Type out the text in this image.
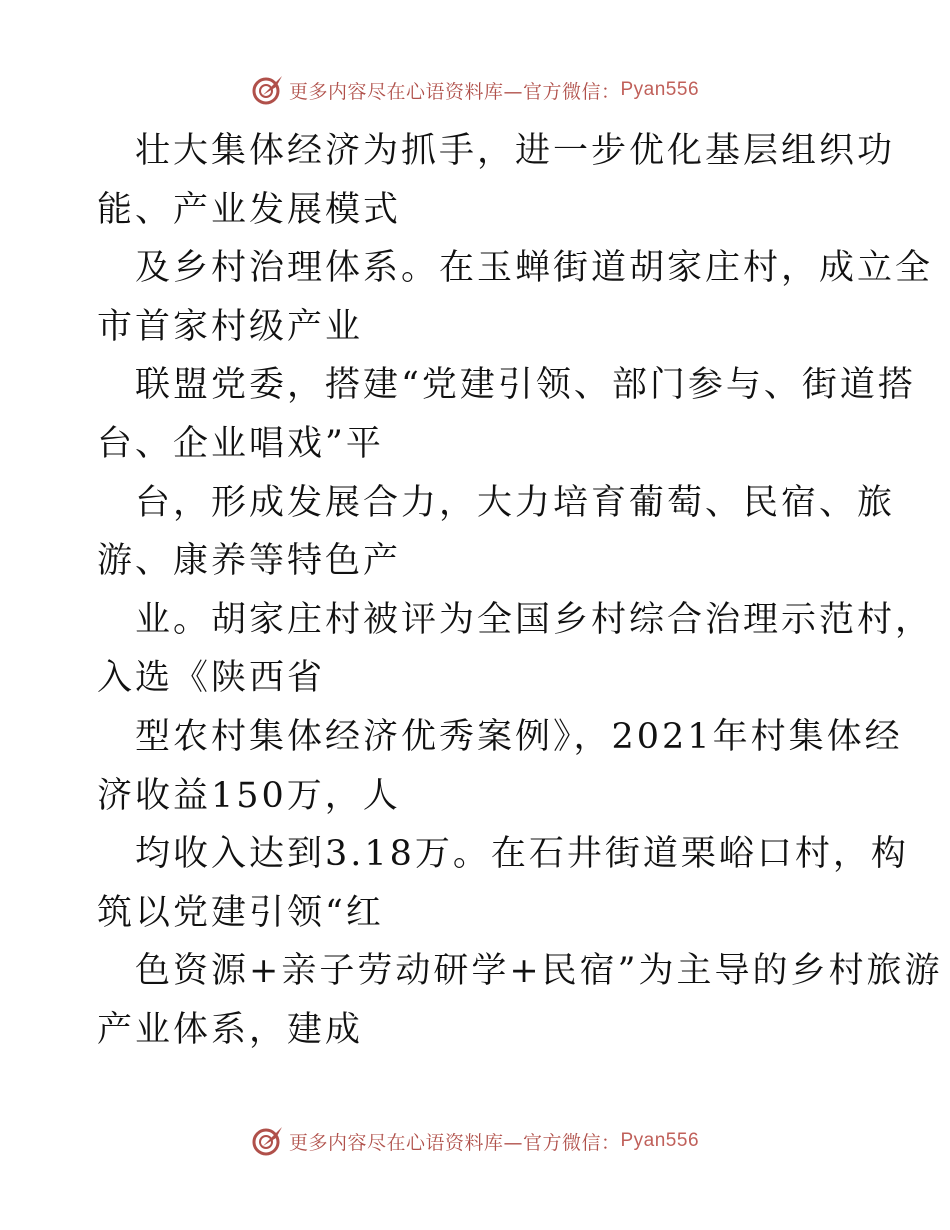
更多内容尽在心语资料库—官方微信： Pyan556
壮大集体经济为抓手，进一步优化基层组织功
能、产业发展模式
及乡村治理体系。在玉蝉街道胡家庄村，成立全
市首家村级产业
联盟党委，搭建“党建引领、部门参与、街道搭
台、企业唱戏”平
台，形成发展合力，大力培育葡萄、民宿、旅
游、康养等特色产
业。胡家庄村被评为全国乡村综合治理示范村，
入选《陕西省
型农村集体经济优秀案例》，2021年村集体经
济收益150万，人
均收入达到3.18万。在石井街道栗峪口村，构
筑以党建引领“红
色资源+亲子劳动研学+民宿”为主导的乡村旅游
产业体系，建成
更多内容尽在心语资料库—官方微信： Pyan556
